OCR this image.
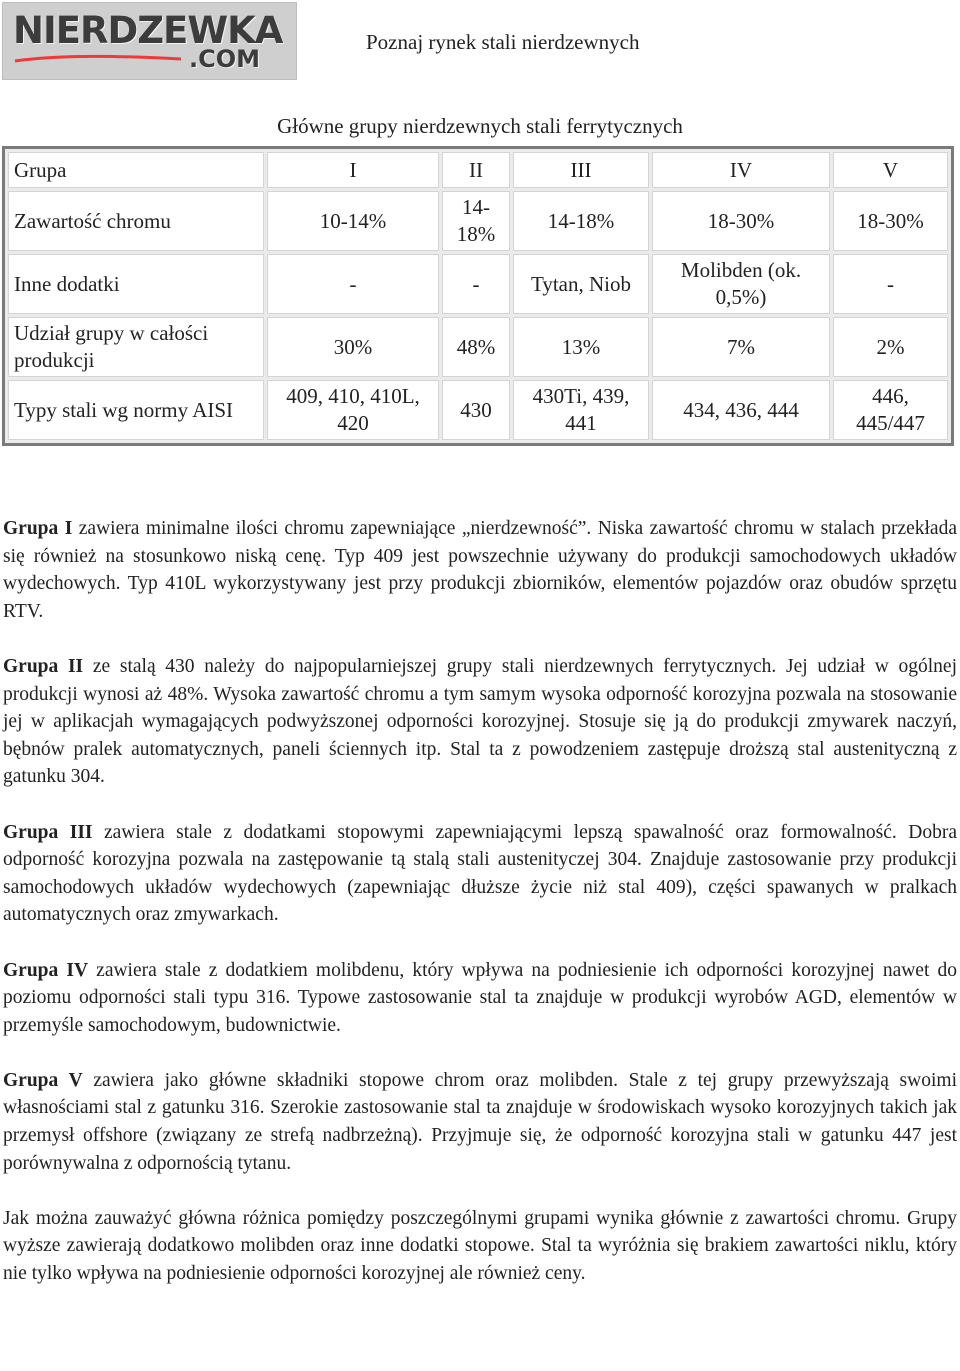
NIERDZEWKA
.COM
Poznaj rynek stali nierdzewnych
Główne grupy nierdzewnych stali ferrytycznych
Grupa	I	II	III	IV	V
Zawartość chromu	10-14%	14-18%	14-18%	18-30%	18-30%
Inne dodatki	-	-	Tytan, Niob	Molibden (ok. 0,5%)	-
Udział grupy w całości produkcji	30%	48%	13%	7%	2%
Typy stali wg normy AISI	409, 410, 410L, 420	430	430Ti, 439, 441	434, 436, 444	446, 445/447

Grupa I zawiera minimalne ilości chromu zapewniające „nierdzewność”. Niska zawartość chromu w stalach przekłada się również na stosunkowo niską cenę. Typ 409 jest powszechnie używany do produkcji samochodowych układów wydechowych. Typ 410L wykorzystywany jest przy produkcji zbiorników, elementów pojazdów oraz obudów sprzętu RTV.

Grupa II ze stalą 430 należy do najpopularniejszej grupy stali nierdzewnych ferrytycznych. Jej udział w ogólnej produkcji wynosi aż 48%. Wysoka zawartość chromu a tym samym wysoka odporność korozyjna pozwala na stosowanie jej w aplikacjah wymagających podwyższonej odporności korozyjnej. Stosuje się ją do produkcji zmywarek naczyń, bębnów pralek automatycznych, paneli ściennych itp. Stal ta z powodzeniem zastępuje droższą stal austenityczną z gatunku 304.

Grupa III zawiera stale z dodatkami stopowymi zapewniającymi lepszą spawalność oraz formowalność. Dobra odporność korozyjna pozwala na zastępowanie tą stalą stali austenityczej 304. Znajduje zastosowanie przy produkcji samochodowych układów wydechowych (zapewniając dłuższe życie niż stal 409), części spawanych w pralkach automatycznych oraz zmywarkach.

Grupa IV zawiera stale z dodatkiem molibdenu, który wpływa na podniesienie ich odporności korozyjnej nawet do poziomu odporności stali typu 316. Typowe zastosowanie stal ta znajduje w produkcji wyrobów AGD, elementów w przemyśle samochodowym, budownictwie.

Grupa V zawiera jako główne składniki stopowe chrom oraz molibden. Stale z tej grupy przewyższają swoimi własnościami stal z gatunku 316. Szerokie zastosowanie stal ta znajduje w środowiskach wysoko korozyjnych takich jak przemysł offshore (związany ze strefą nadbrzeżną). Przyjmuje się, że odporność korozyjna stali w gatunku 447 jest porównywalna z odpornością tytanu.

Jak można zauważyć główna różnica pomiędzy poszczególnymi grupami wynika głównie z zawartości chromu. Grupy wyższe zawierają dodatkowo molibden oraz inne dodatki stopowe. Stal ta wyróżnia się brakiem zawartości niklu, który nie tylko wpływa na podniesienie odporności korozyjnej ale również ceny.
